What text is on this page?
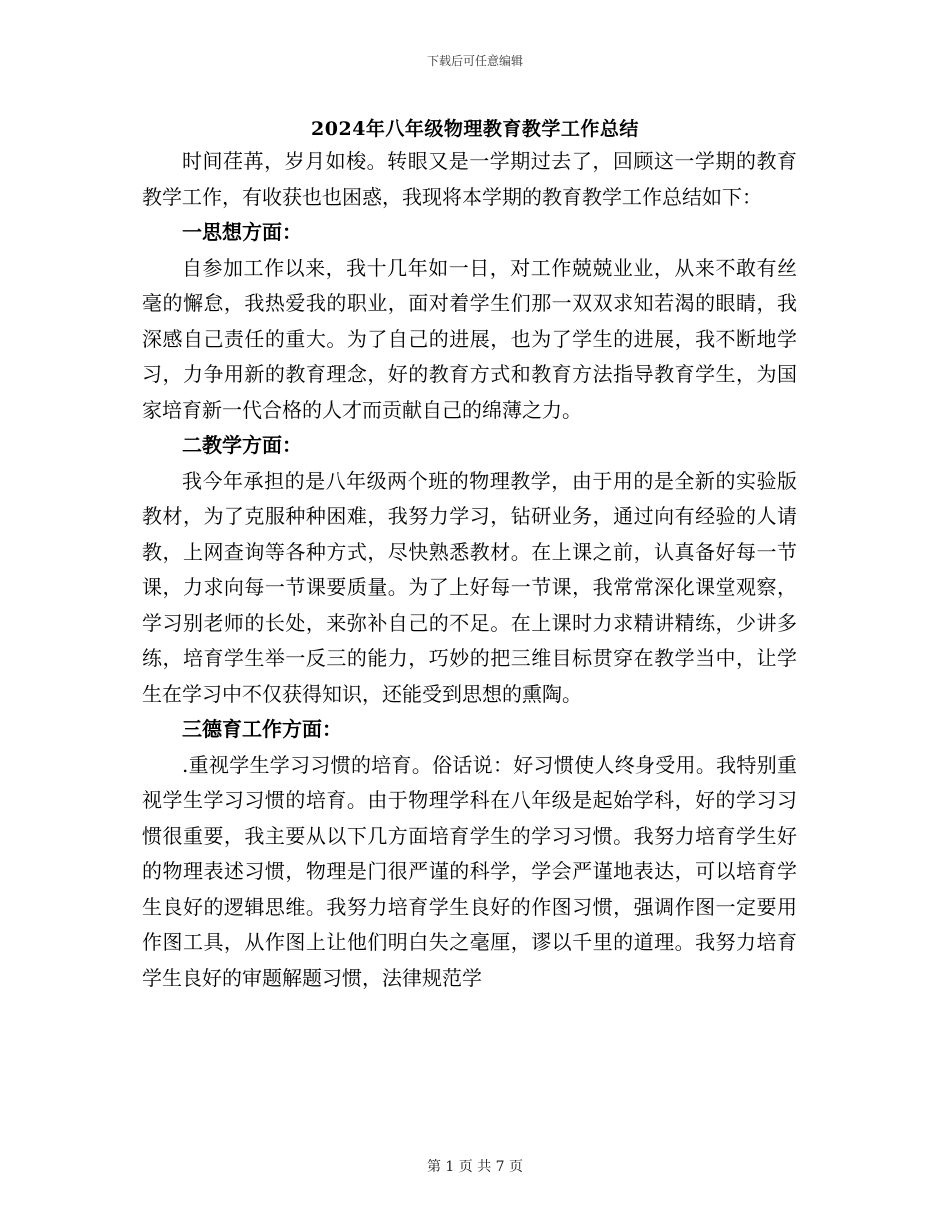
下载后可任意编辑
2024年八年级物理教育教学工作总结

时间荏苒，岁月如梭。转眼又是一学期过去了，回顾这一学期的教育教学工作，有收获也也困惑，我现将本学期的教育教学工作总结如下：

一思想方面：

自参加工作以来，我十几年如一日，对工作兢兢业业，从来不敢有丝毫的懈怠，我热爱我的职业，面对着学生们那一双双求知若渴的眼睛，我深感自己责任的重大。为了自己的进展，也为了学生的进展，我不断地学习，力争用新的教育理念，好的教育方式和教育方法指导教育学生，为国家培育新一代合格的人才而贡献自己的绵薄之力。

二教学方面：

我今年承担的是八年级两个班的物理教学，由于用的是全新的实验版教材，为了克服种种困难，我努力学习，钻研业务，通过向有经验的人请教，上网查询等各种方式，尽快熟悉教材。在上课之前，认真备好每一节课，力求向每一节课要质量。为了上好每一节课，我常常深化课堂观察，学习别老师的长处，来弥补自己的不足。在上课时力求精讲精练，少讲多练，培育学生举一反三的能力，巧妙的把三维目标贯穿在教学当中，让学生在学习中不仅获得知识，还能受到思想的熏陶。

三德育工作方面：

.重视学生学习习惯的培育。俗话说：好习惯使人终身受用。我特别重视学生学习习惯的培育。由于物理学科在八年级是起始学科，好的学习习惯很重要，我主要从以下几方面培育学生的学习习惯。我努力培育学生好的物理表述习惯，物理是门很严谨的科学，学会严谨地表达，可以培育学生良好的逻辑思维。我努力培育学生良好的作图习惯，强调作图一定要用作图工具，从作图上让他们明白失之毫厘，谬以千里的道理。我努力培育学生良好的审题解题习惯，法律规范学

第 1 页 共 7 页
